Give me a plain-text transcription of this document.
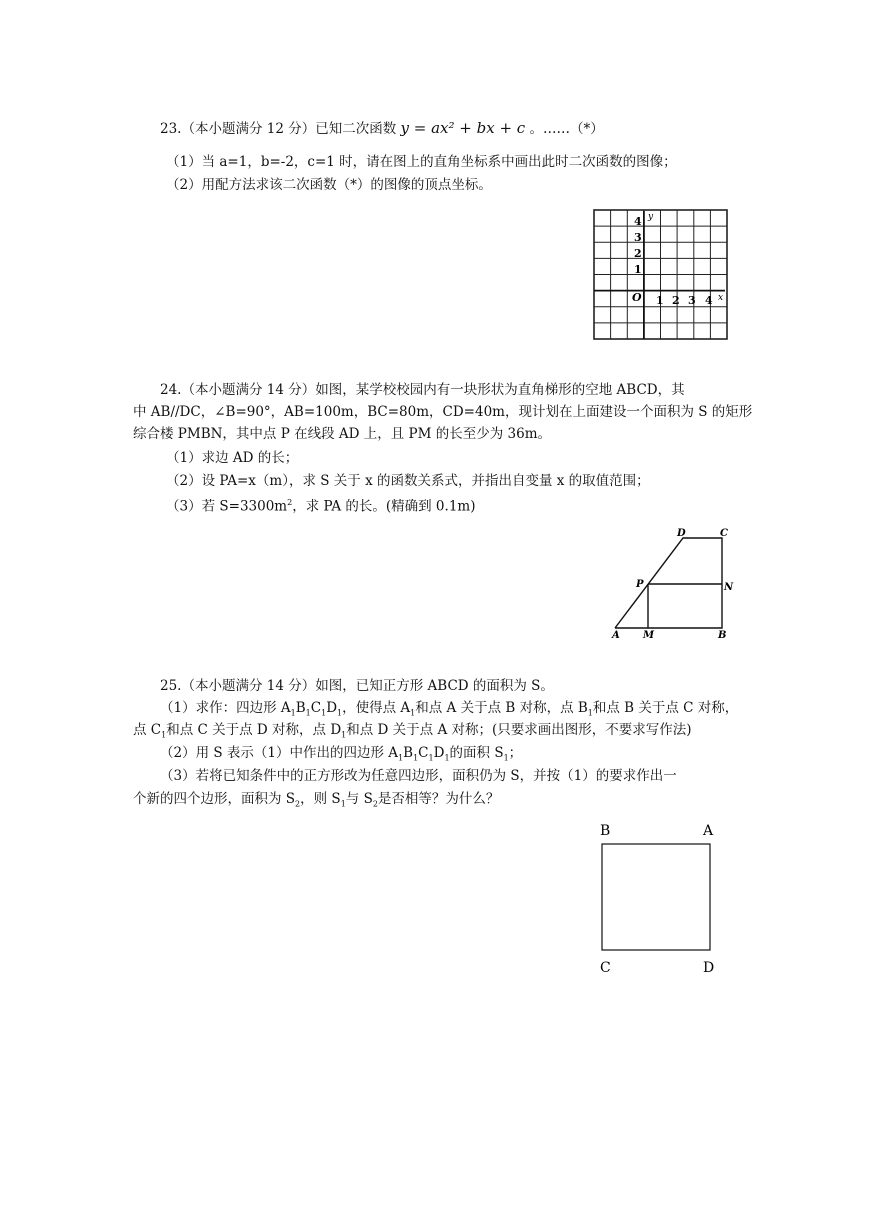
23.（本小题满分 12 分）已知二次函数 y = ax² + bx + c 。……（*）
（1）当 a=1，b=-2，c=1 时，请在图上的直角坐标系中画出此时二次函数的图像；
（2）用配方法求该二次函数（*）的图像的顶点坐标。
y
x
O
4
3
2
1
1 2 3 4
24.（本小题满分 14 分）如图，某学校校园内有一块形状为直角梯形的空地 ABCD，其
中 AB//DC，∠B=90°，AB=100m，BC=80m，CD=40m，现计划在上面建设一个面积为 S 的矩形
综合楼 PMBN，其中点 P 在线段 AD 上，且 PM 的长至少为 36m。
（1）求边 AD 的长；
（2）设 PA=x（m），求 S 关于 x 的函数关系式，并指出自变量 x 的取值范围；
（3）若 $S=3300m^2$，求 PA 的长。(精确到 0.1m)
D	C
P	N
A M	B
25.（本小题满分 14 分）如图，已知正方形 ABCD 的面积为 S。
（1）求作：四边形 $A_1B_1C_1D_1$，使得点 $A_1$和点 A 关于点 B 对称，点 $B_1$和点 B 关于点 C 对称，
点 $C_1$和点 C 关于点 D 对称，点 $D_1$和点 D 关于点 A 对称；(只要求画出图形，不要求写作法)
（2）用 S 表示（1）中作出的四边形 $A_1B_1C_1D_1$的面积 $S_1$；
（3）若将已知条件中的正方形改为任意四边形，面积仍为 S，并按（1）的要求作出一
个新的四个边形，面积为 $S_2$，则 $S_1$与 $S_2$是否相等？为什么？
B	A
C	D
